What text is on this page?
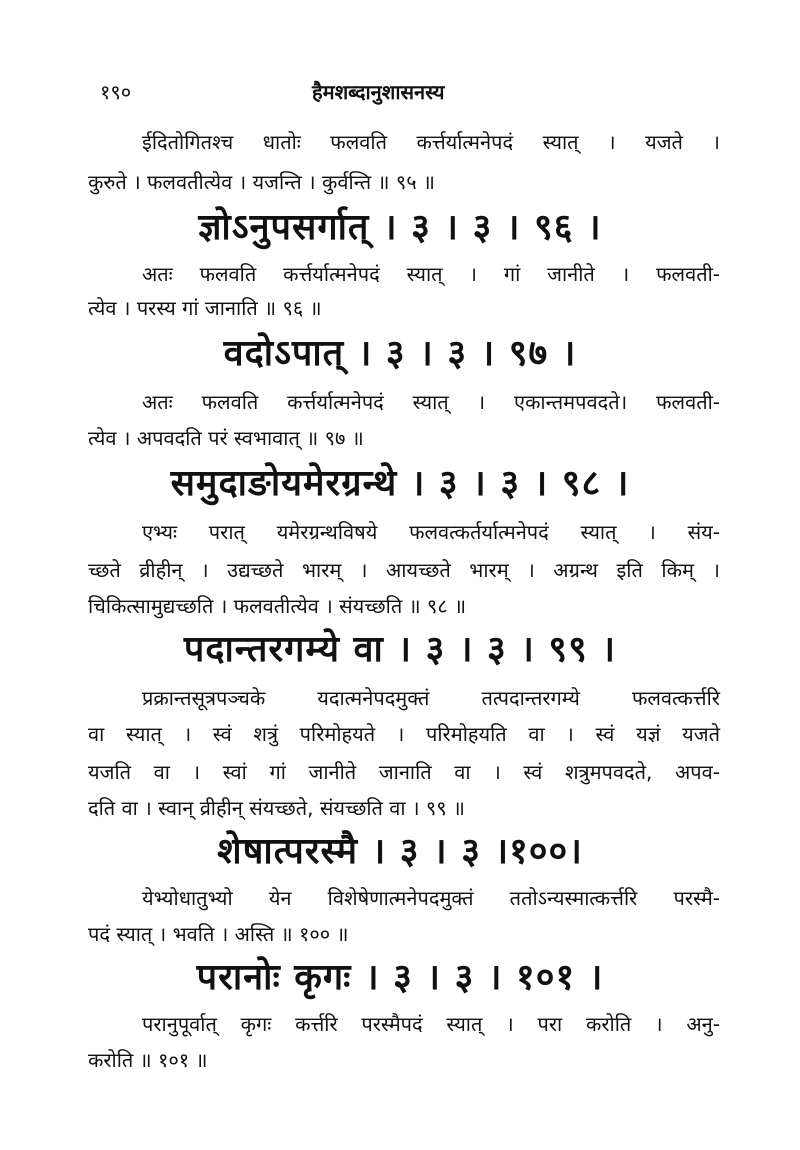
१९०	हैमशब्दानुशासनस्य
ईदितोगितश्च धातोः फलवति कर्त्तर्यात्मनेपदं स्यात् । यजते ।
कुरुते । फलवतीत्येव । यजन्ति । कुर्वन्ति ॥ ९५ ॥
ज्ञोऽनुपसर्गात् । ३ । ३ । ९६ ।
अतः फलवति कर्त्तर्यात्मनेपदं स्यात् । गां जानीते । फलवती-
त्येव । परस्य गां जानाति ॥ ९६ ॥
वदोऽपात् । ३ । ३ । ९७ ।
अतः फलवति कर्त्तर्यात्मनेपदं स्यात् । एकान्तमपवदते। फलवती-
त्येव । अपवदति परं स्वभावात् ॥ ९७ ॥
समुदाङोयमेरग्रन्थे । ३ । ३ । ९८ ।
एभ्यः परात् यमेरग्रन्थविषये फलवत्कर्तर्यात्मनेपदं स्यात् । संय-
च्छते व्रीहीन् । उद्यच्छते भारम् । आयच्छते भारम् । अग्रन्थ इति किम् ।
चिकित्सामुद्यच्छति । फलवतीत्येव । संयच्छति ॥ ९८ ॥
पदान्तरगम्ये वा । ३ । ३ । ९९ ।
प्रक्रान्तसूत्रपञ्चके यदात्मनेपदमुक्तं तत्पदान्तरगम्ये फलवत्कर्त्तरि
वा स्यात् । स्वं शत्रुं परिमोहयते । परिमोहयति वा । स्वं यज्ञं यजते
यजति वा । स्वां गां जानीते जानाति वा । स्वं शत्रुमपवदते, अपव-
दति वा । स्वान् व्रीहीन् संयच्छते, संयच्छति वा । ९९ ॥
शेषात्परस्मै । ३ । ३ ।१००।
येभ्योधातुभ्यो येन विशेषेणात्मनेपदमुक्तं ततोऽन्यस्मात्कर्त्तरि परस्मै-
पदं स्यात् । भवति । अस्ति ॥ १०० ॥
परानोः कृगः । ३ । ३ । १०१ ।
परानुपूर्वात् कृगः कर्त्तरि परस्मैपदं स्यात् । परा करोति । अनु-
करोति ॥ १०१ ॥
